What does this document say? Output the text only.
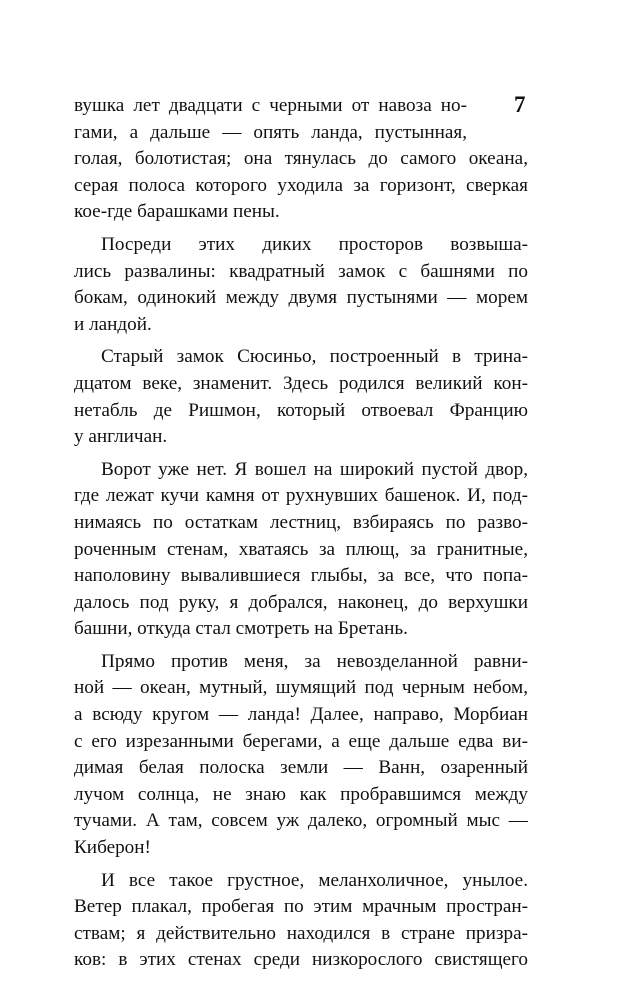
7
вушка лет двадцати с черными от навоза но-
гами, а дальше — опять ланда, пустынная,
голая, болотистая; она тянулась до самого океана,
серая полоса которого уходила за горизонт, сверкая
кое-где барашками пены.
Посреди этих диких просторов возвыша-
лись развалины: квадратный замок с башнями по
бокам, одинокий между двумя пустынями — морем
и ландой.
Старый замок Сюсиньо, построенный в трина-
дцатом веке, знаменит. Здесь родился великий кон-
нетабль де Ришмон, который отвоевал Францию
у англичан.
Ворот уже нет. Я вошел на широкий пустой двор,
где лежат кучи камня от рухнувших башенок. И, под-
нимаясь по остаткам лестниц, взбираясь по разво-
роченным стенам, хватаясь за плющ, за гранитные,
наполовину вывалившиеся глыбы, за все, что попа-
далось под руку, я добрался, наконец, до верхушки
башни, откуда стал смотреть на Бретань.
Прямо против меня, за невозделанной равни-
ной — океан, мутный, шумящий под черным небом,
а всюду кругом — ланда! Далее, направо, Морбиан
с его изрезанными берегами, а еще дальше едва ви-
димая белая полоска земли — Ванн, озаренный
лучом солнца, не знаю как пробравшимся между
тучами. А там, совсем уж далеко, огромный мыс —
Киберон!
И все такое грустное, меланхоличное, унылое.
Ветер плакал, пробегая по этим мрачным простран-
ствам; я действительно находился в стране призра-
ков: в этих стенах среди низкорослого свистящего
